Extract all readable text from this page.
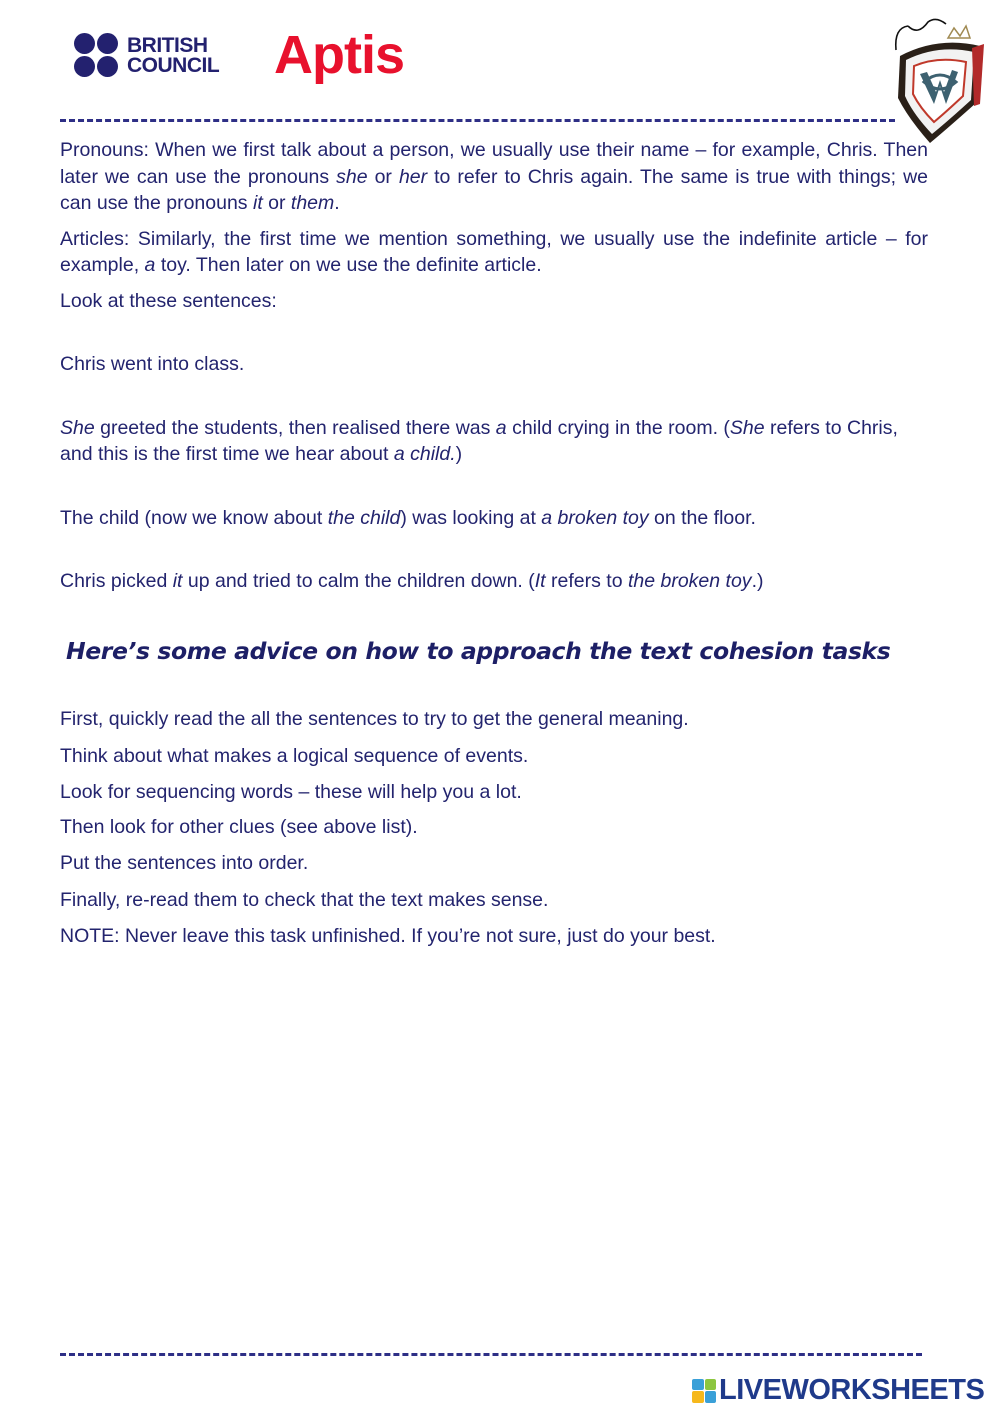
BRITISH
COUNCIL Aptis

Pronouns: When we first talk about a person, we usually use their name – for example, Chris. Then later we can use the pronouns she or her to refer to Chris again. The same is true with things; we can use the pronouns it or them.

Articles: Similarly, the first time we mention something, we usually use the indefinite article – for example, a toy. Then later on we use the definite article.

Look at these sentences:

Chris went into class.

She greeted the students, then realised there was a child crying in the room. (She refers to Chris, and this is the first time we hear about a child.)

The child (now we know about the child) was looking at a broken toy on the floor.

Chris picked it up and tried to calm the children down. (It refers to the broken toy.)

Here’s some advice on how to approach the text cohesion tasks

First, quickly read the all the sentences to try to get the general meaning.

Think about what makes a logical sequence of events.

Look for sequencing words – these will help you a lot.

Then look for other clues (see above list).

Put the sentences into order.

Finally, re-read them to check that the text makes sense.

NOTE: Never leave this task unfinished. If you’re not sure, just do your best.

LIVEWORKSHEETS
